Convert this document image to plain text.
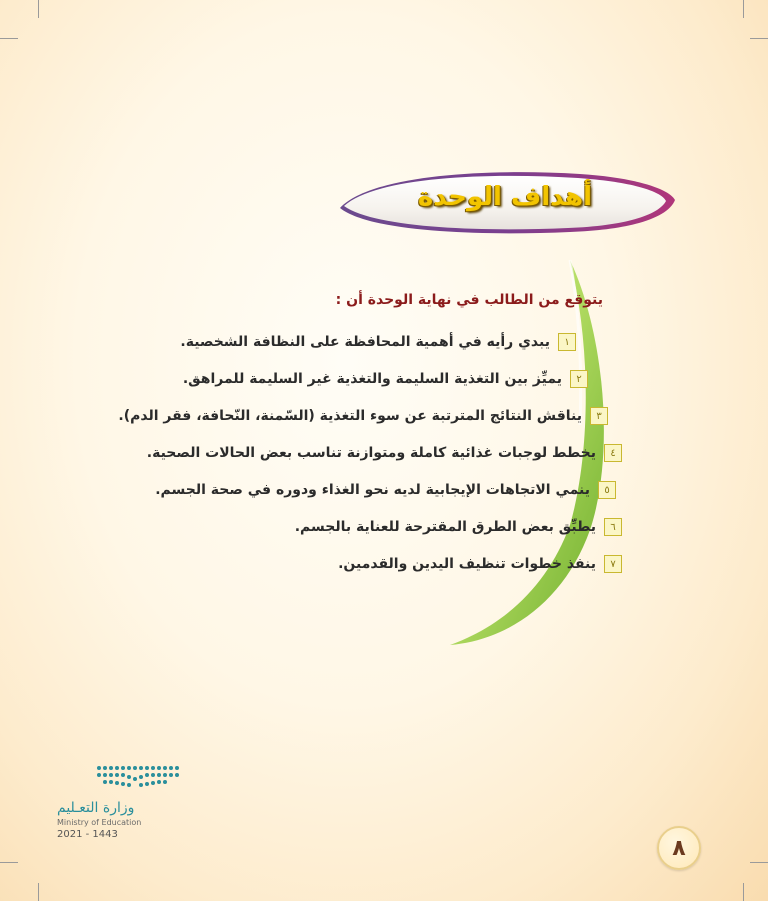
أهداف الوحدة
يتوقع من الطالب في نهاية الوحدة أن :
١
يبدي رأيه في أهمية المحافظة على النظافة الشخصية.
٢
يميِّز بين التغذية السليمة والتغذية غير السليمة للمراهق.
٣
يناقش النتائج المترتبة عن سوء التغذية (السّمنة، النّحافة، فقر الدم).
٤
يخطط لوجبات غذائية كاملة ومتوازنة تناسب بعض الحالات الصحية.
٥
ينمي الاتجاهات الإيجابية لديه نحو الغذاء ودوره في صحة الجسم.
٦
يطبِّق بعض الطرق المقترحة للعناية بالجسم.
٧
ينفذ خطوات تنظيف اليدين والقدمين.
وزارة التعـليم
Ministry of Education
2021 - 1443
٨
